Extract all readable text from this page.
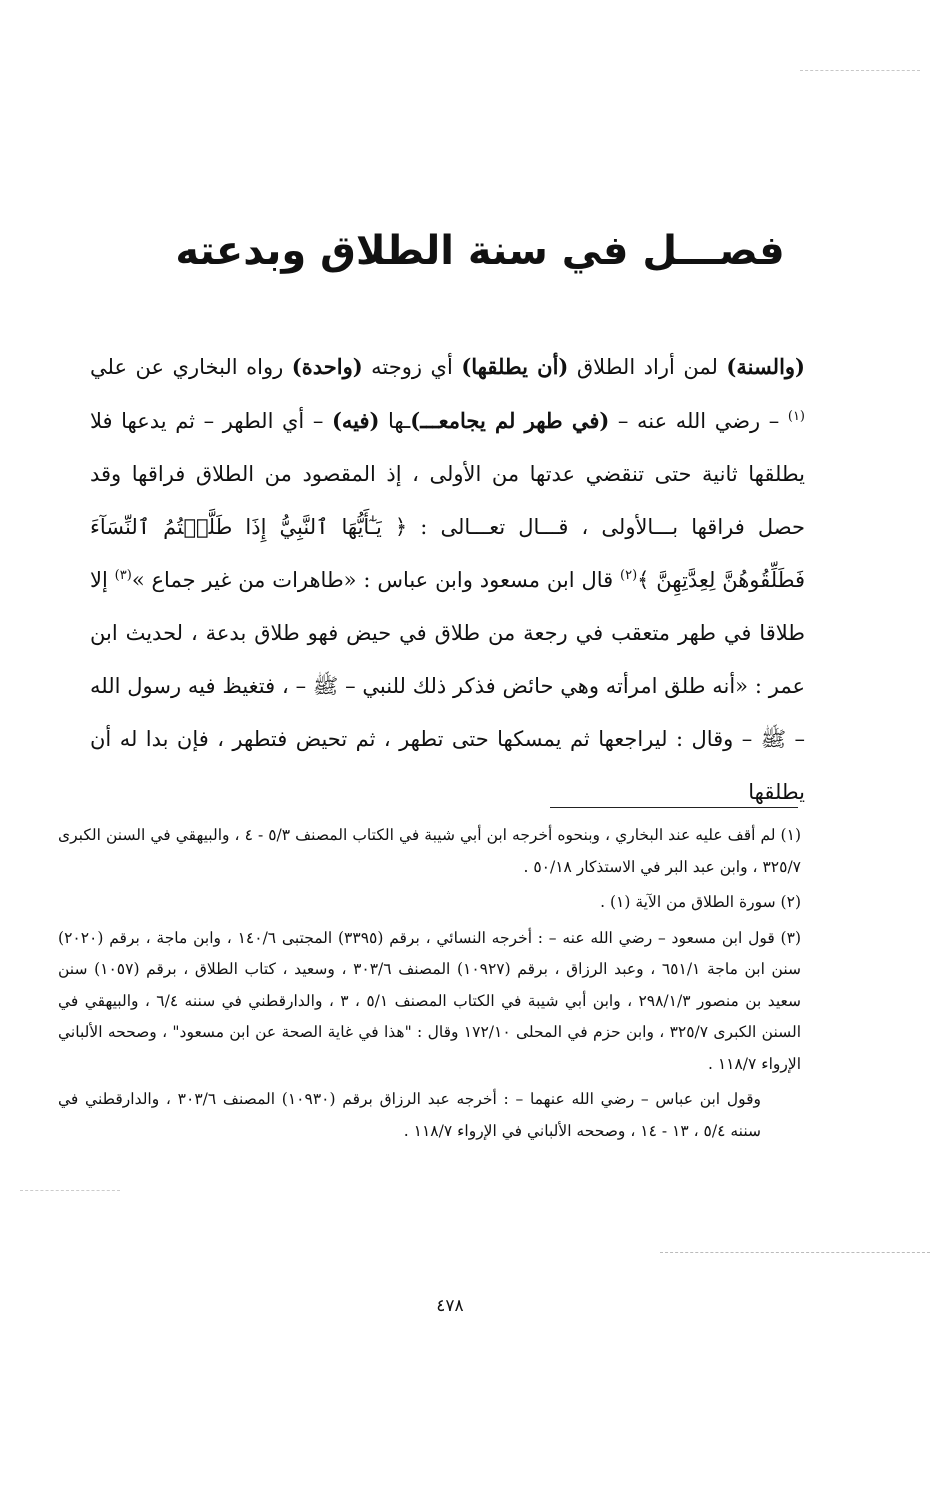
فصـــل في سنة الطلاق وبدعته

(والسنة) لمن أراد الطلاق (أن يطلقها) أي زوجته (واحدة) رواه البخاري عن علي $^{(١)}$ – رضي الله عنه – (في طهر لم يجامعـــ)ـها (فيه) – أي الطهر – ثم يدعها فلا يطلقها ثانية حتى تنقضي عدتها من الأولى ، إذ المقصود من الطلاق فراقها وقد حصل فراقها بـــالأولى ، قـــال تعـــالى : ﴿ يَـٰٓأَيُّهَا ٱلنَّبِيُّ إِذَا طَلَّقۡتُمُ ٱلنِّسَآءَ فَطَلِّقُوهُنَّ لِعِدَّتِهِنَّ ﴾$^{(٢)}$ قال ابن مسعود وابن عباس : «طاهرات من غير جماع »$^{(٣)}$ إلا طلاقا في طهر متعقب في رجعة من طلاق في حيض فهو طلاق بدعة ، لحديث ابن عمر : «أنه طلق امرأته وهي حائض فذكر ذلك للنبي – ﷺ – ، فتغيظ فيه رسول الله – ﷺ – وقال : ليراجعها ثم يمسكها حتى تطهر ، ثم تحيض فتطهر ، فإن بدا له أن يطلقها

(١) لم أقف عليه عند البخاري ، وبنحوه أخرجه ابن أبي شيبة في الكتاب المصنف ٥/٣ - ٤ ، والبيهقي في السنن الكبرى ٣٢٥/٧ ، وابن عبد البر في الاستذكار ٥٠/١٨ .

(٢) سورة الطلاق من الآية (١) .

(٣) قول ابن مسعود – رضي الله عنه – : أخرجه النسائي ، برقم (٣٣٩٥) المجتبى ١٤٠/٦ ، وابن ماجة ، برقم (٢٠٢٠) سنن ابن ماجة ٦٥١/١ ، وعبد الرزاق ، برقم (١٠٩٢٧) المصنف ٣٠٣/٦ ، وسعيد ، كتاب الطلاق ، برقم (١٠٥٧) سنن سعيد بن منصور ٢٩٨/١/٣ ، وابن أبي شيبة في الكتاب المصنف ٥/١ ، ٣ ، والدارقطني في سننه ٦/٤ ، والبيهقي في السنن الكبرى ٣٢٥/٧ ، وابن حزم في المحلى ١٧٢/١٠ وقال : "هذا في غاية الصحة عن ابن مسعود" ، وصححه الألباني الإرواء ١١٨/٧ .

وقول ابن عباس – رضي الله عنهما – : أخرجه عبد الرزاق برقم (١٠٩٣٠) المصنف ٣٠٣/٦ ، والدارقطني في سننه ٥/٤ ، ١٣ - ١٤ ، وصححه الألباني في الإرواء ١١٨/٧ .

٤٧٨
